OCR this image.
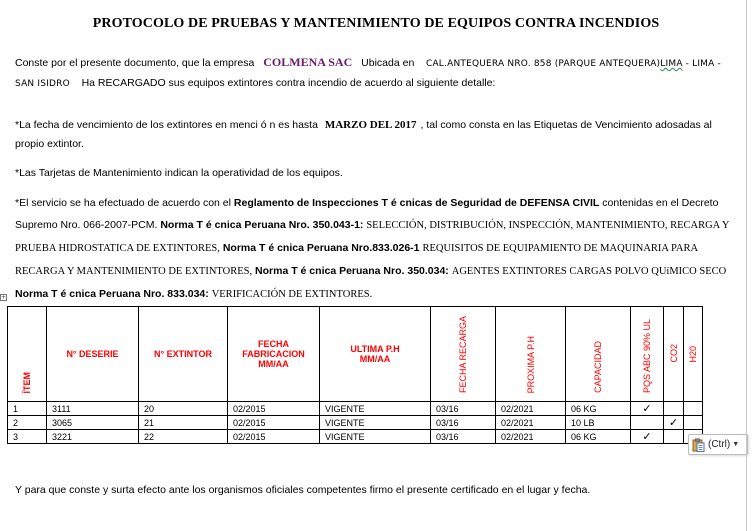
PROTOCOLO DE PRUEBAS Y MANTENIMIENTO DE EQUIPOS CONTRA INCENDIOS
Conste por el presente documento, que la empresa COLMENA SAC Ubicada en CAL.ANTEQUERA NRO. 858 (PARQUE ANTEQUERA)LIMA - LIMA - SAN ISIDRO Ha RECARGADO sus equipos extintores contra incendio de acuerdo al siguiente detalle:
*La fecha de vencimiento de los extintores en menci ó n es hasta MARZO DEL 2017 , tal como consta en las Etiquetas de Vencimiento adosadas al propio extintor.
*Las Tarjetas de Mantenimiento indican la operatividad de los equipos.
*El servicio se ha efectuado de acuerdo con el Reglamento de Inspecciones T é cnicas de Seguridad de DEFENSA CIVIL contenidas en el Decreto Supremo Nro. 066-2007-PCM. Norma T é cnica Peruana Nro. 350.043-1: SELECCIÓN, DISTRIBUCIÓN, INSPECCIÓN, MANTENIMIENTO, RECARGA Y PRUEBA HIDROSTATICA DE EXTINTORES, Norma T é cnica Peruana Nro.833.026-1 REQUISITOS DE EQUIPAMIENTO DE MAQUINARIA PARA RECARGA Y MANTENIMIENTO DE EXTINTORES, Norma T é cnica Peruana Nro. 350.034: AGENTES EXTINTORES CARGAS POLVO QUíMICO SECO Norma T é cnica Peruana Nro. 833.034: VERIFICACIÓN DE EXTINTORES.
+
ÍTEM	N° DESERIE	N° EXTINTOR	FECHA FABRICACION MM/AA	ULTIMA P.H MM/AA	FECHA RECARGA	PROXIMA P.H	CAPACIDAD	PQS ABC 90% UL	CO2	H20
1	3111	20	02/2015	VIGENTE	03/16	02/2021	06 KG	✓		
2	3065	21	02/2015	VIGENTE	03/16	02/2021	10 LB		✓	
3	3221	22	02/2015	VIGENTE	03/16	02/2021	06 KG	✓		
(Ctrl) ▼
Y para que conste y surta efecto ante los organismos oficiales competentes firmo el presente certificado en el lugar y fecha.
